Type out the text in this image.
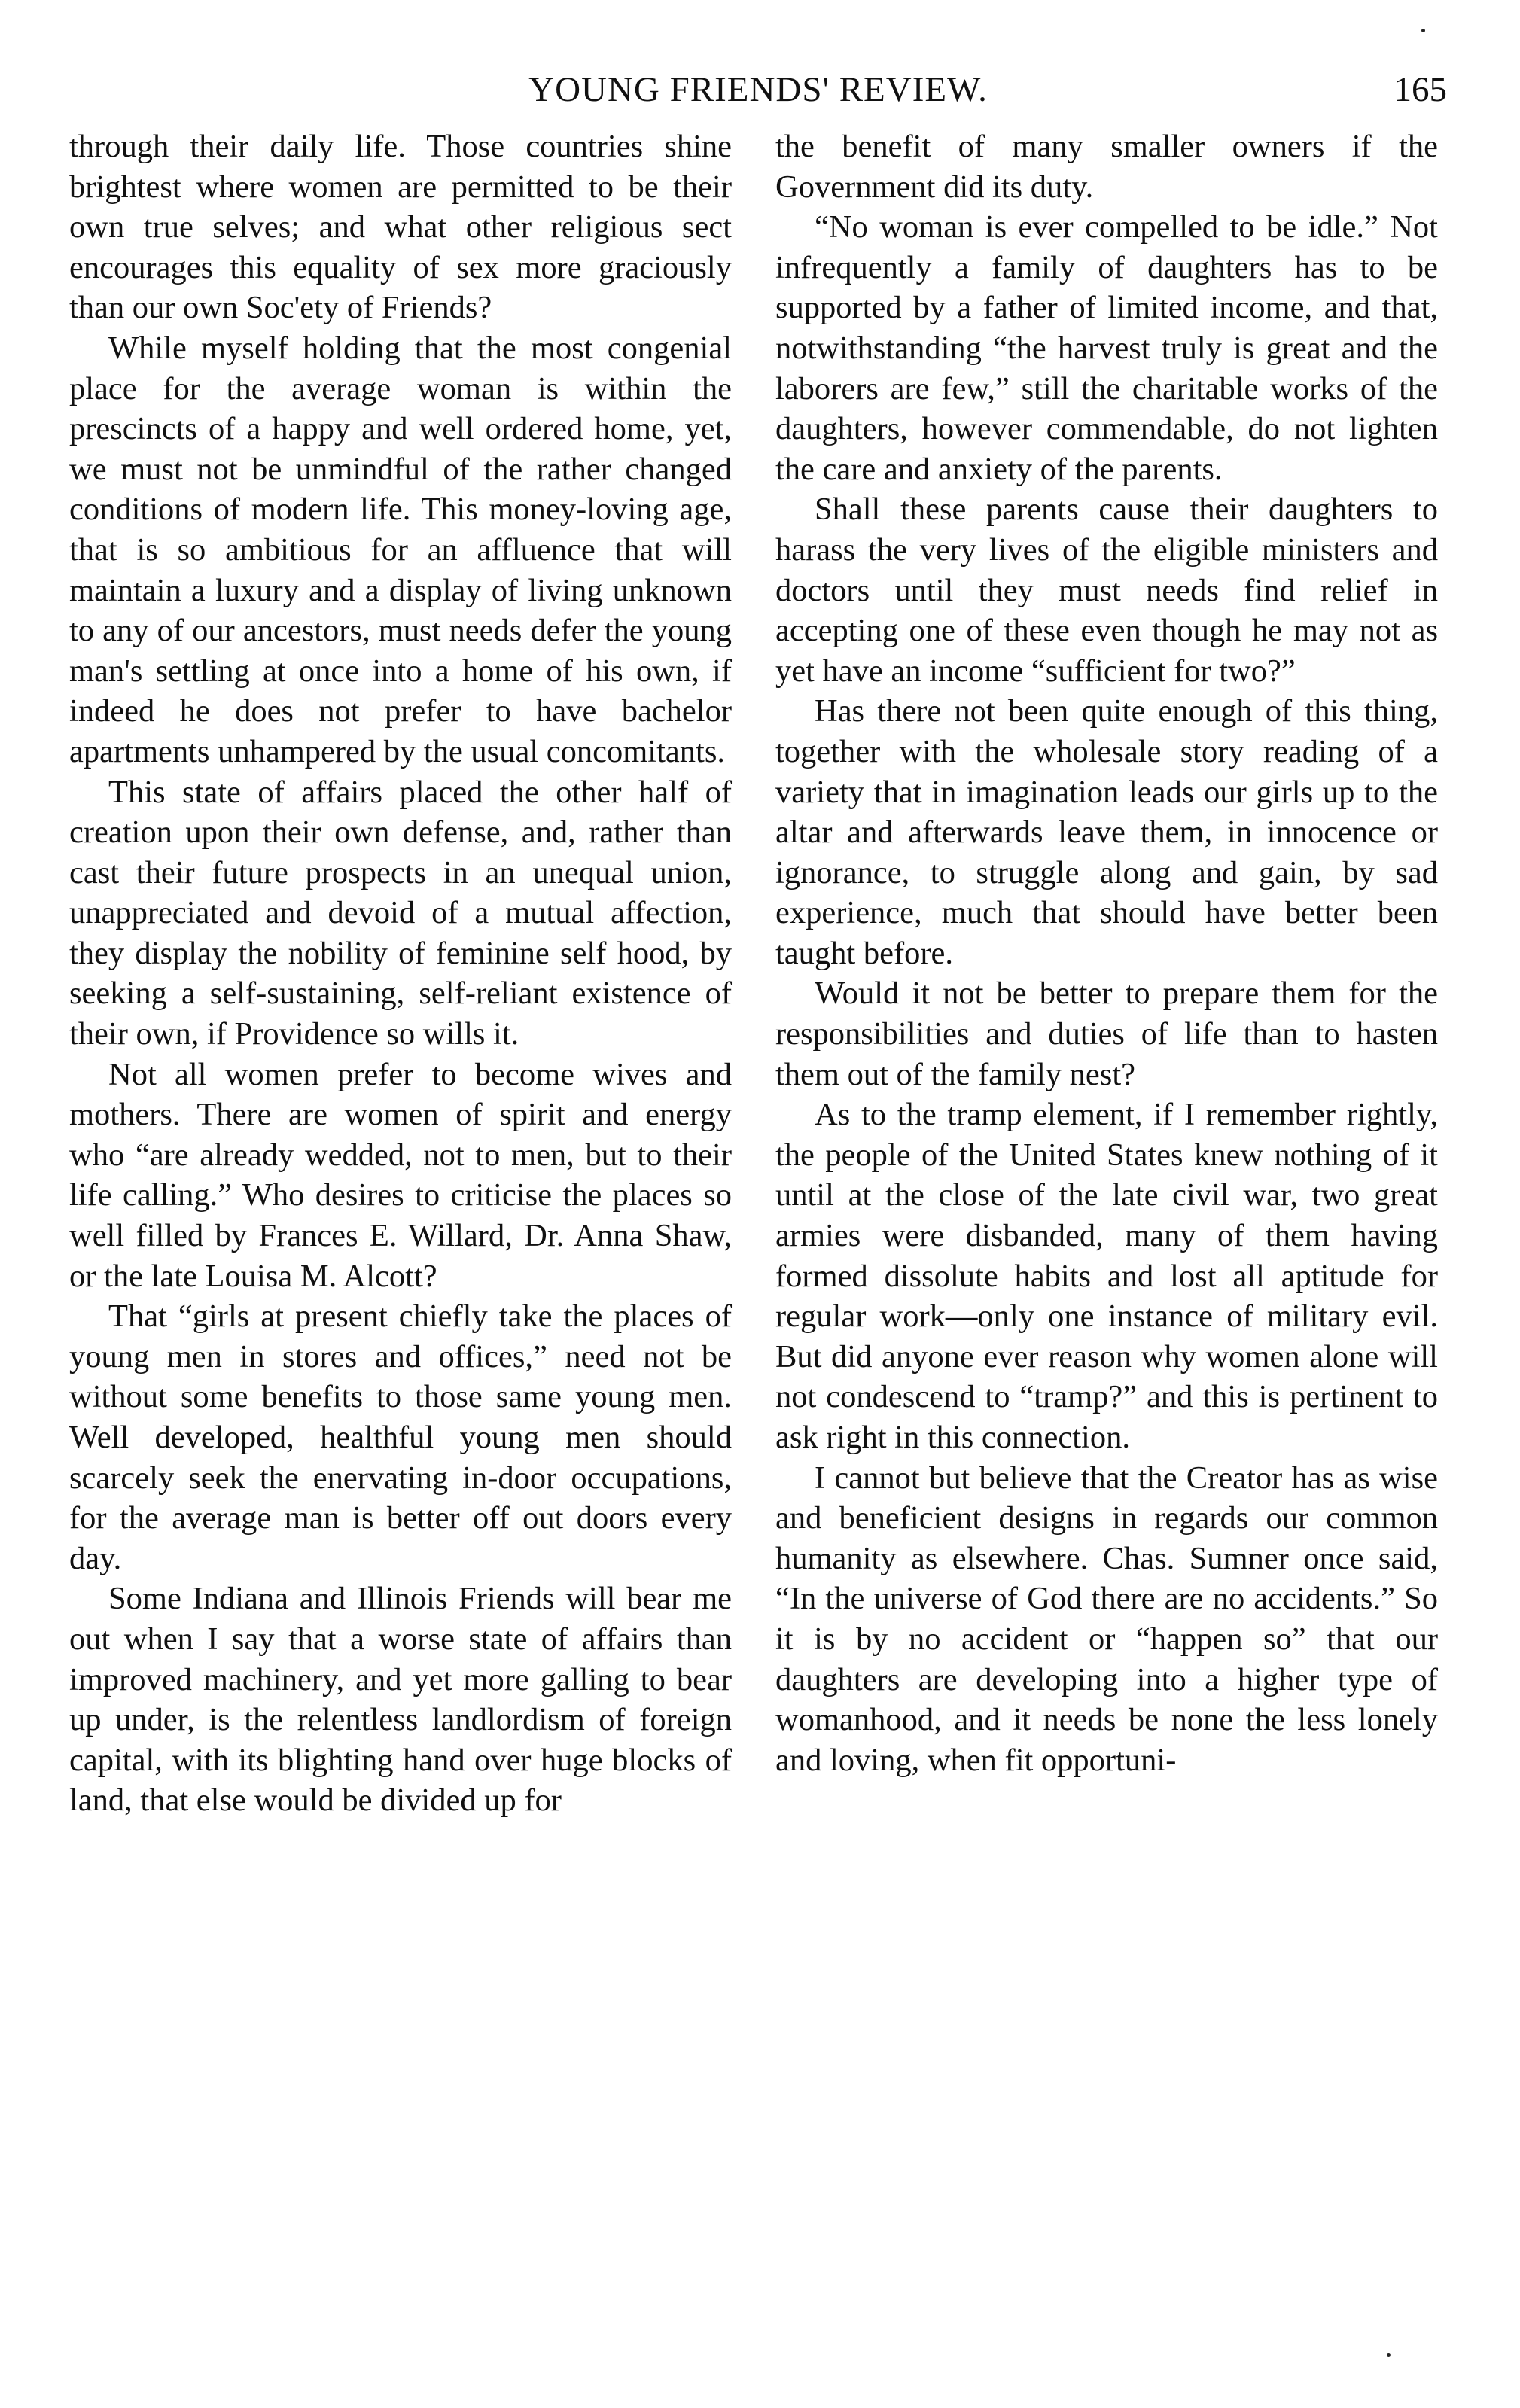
YOUNG FRIENDS' REVIEW.	165

through their daily life. Those countries shine brightest where women are permitted to be their own true selves; and what other religious sect encourages this equality of sex more graciously than our own Soc'ety of Friends?

While myself holding that the most congenial place for the average woman is within the prescincts of a happy and well ordered home, yet, we must not be unmindful of the rather changed conditions of modern life. This money-loving age, that is so ambitious for an affluence that will maintain a luxury and a display of living unknown to any of our ancestors, must needs defer the young man's settling at once into a home of his own, if indeed he does not prefer to have bachelor apartments unhampered by the usual concomitants.

This state of affairs placed the other half of creation upon their own defense, and, rather than cast their future prospects in an unequal union, unappreciated and devoid of a mutual affection, they display the nobility of feminine self hood, by seeking a self-sustaining, self-reliant existence of their own, if Providence so wills it.

Not all women prefer to become wives and mothers. There are women of spirit and energy who “are already wedded, not to men, but to their life calling.” Who desires to criticise the places so well filled by Frances E. Willard, Dr. Anna Shaw, or the late Louisa M. Alcott?

That “girls at present chiefly take the places of young men in stores and offices,” need not be without some benefits to those same young men. Well developed, healthful young men should scarcely seek the enervating in-door occupations, for the average man is better off out doors every day.

Some Indiana and Illinois Friends will bear me out when I say that a worse state of affairs than improved machinery, and yet more galling to bear up under, is the relentless landlordism of foreign capital, with its blighting hand over huge blocks of land, that else would be divided up for

the benefit of many smaller owners if the Government did its duty.

“No woman is ever compelled to be idle.” Not infrequently a family of daughters has to be supported by a father of limited income, and that, notwithstanding “the harvest truly is great and the laborers are few,” still the charitable works of the daughters, however commendable, do not lighten the care and anxiety of the parents.

Shall these parents cause their daughters to harass the very lives of the eligible ministers and doctors until they must needs find relief in accepting one of these even though he may not as yet have an income “sufficient for two?”

Has there not been quite enough of this thing, together with the wholesale story reading of a variety that in imagination leads our girls up to the altar and afterwards leave them, in innocence or ignorance, to struggle along and gain, by sad experience, much that should have better been taught before.

Would it not be better to prepare them for the responsibilities and duties of life than to hasten them out of the family nest?

As to the tramp element, if I remember rightly, the people of the United States knew nothing of it until at the close of the late civil war, two great armies were disbanded, many of them having formed dissolute habits and lost all aptitude for regular work—only one instance of military evil. But did anyone ever reason why women alone will not condescend to “tramp?” and this is pertinent to ask right in this connection.

I cannot but believe that the Creator has as wise and beneficient designs in regards our common humanity as elsewhere. Chas. Sumner once said, “In the universe of God there are no accidents.” So it is by no accident or “happen so” that our daughters are developing into a higher type of womanhood, and it needs be none the less lonely and loving, when fit opportuni-
